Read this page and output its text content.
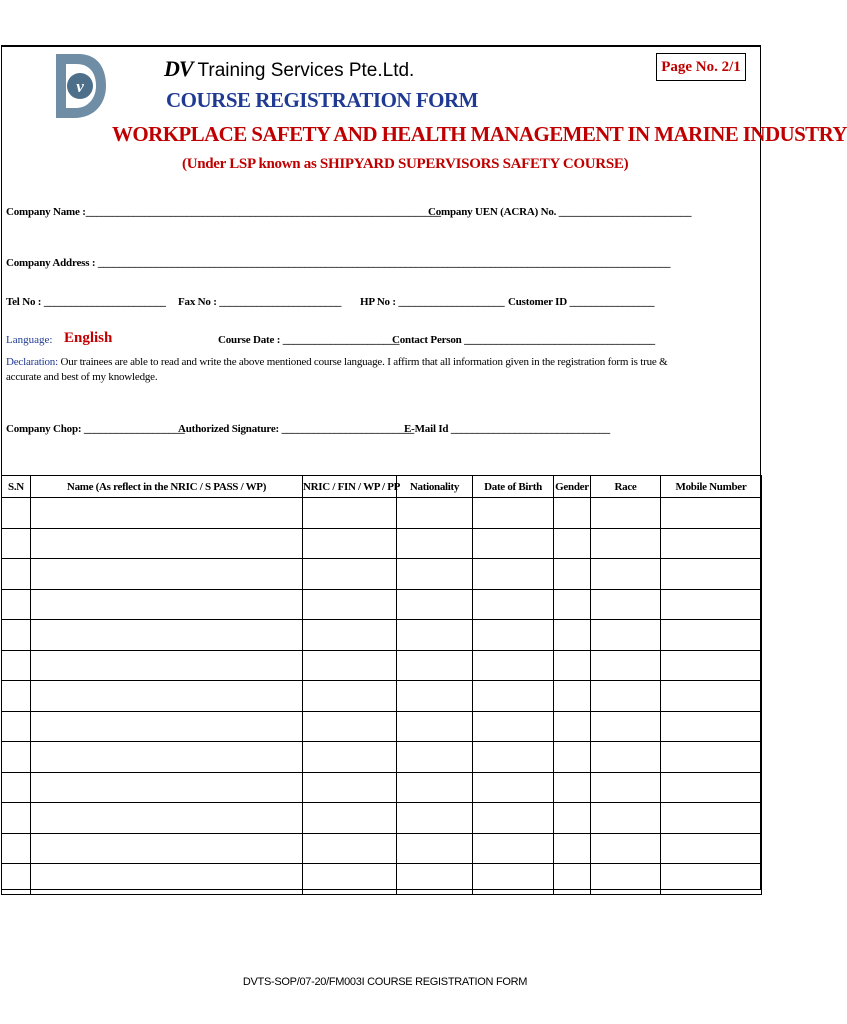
v
DV Training Services Pte.Ltd.	Page No. 2/1
COURSE REGISTRATION FORM
WORKPLACE SAFETY AND HEALTH MANAGEMENT IN MARINE INDUSTRY
(Under LSP known as SHIPYARD SUPERVISORS SAFETY COURSE)
Company Name :___________________________________________________________________
Company UEN (ACRA) No. _________________________
Company Address : ____________________________________________________________________________________________________________
Tel No : _______________________ Fax No : _______________________ HP No : ____________________ Customer ID ________________
Language: English	Course Date : ______________________
Contact Person ____________________________________
Declaration: Our trainees are able to read and write the above mentioned course language. I affirm that all information given in the registration form is true & accurate and best of my knowledge.
Company Chop: ___________________
Authorized Signature: _________________________
E-Mail Id ______________________________
S.N	Name (As reflect in the NRIC / S PASS / WP)	NRIC / FIN / WP / PP	Nationality	Date of Birth	Gender	Race	Mobile Number

DVTS-SOP/07-20/FM003I COURSE REGISTRATION FORM
